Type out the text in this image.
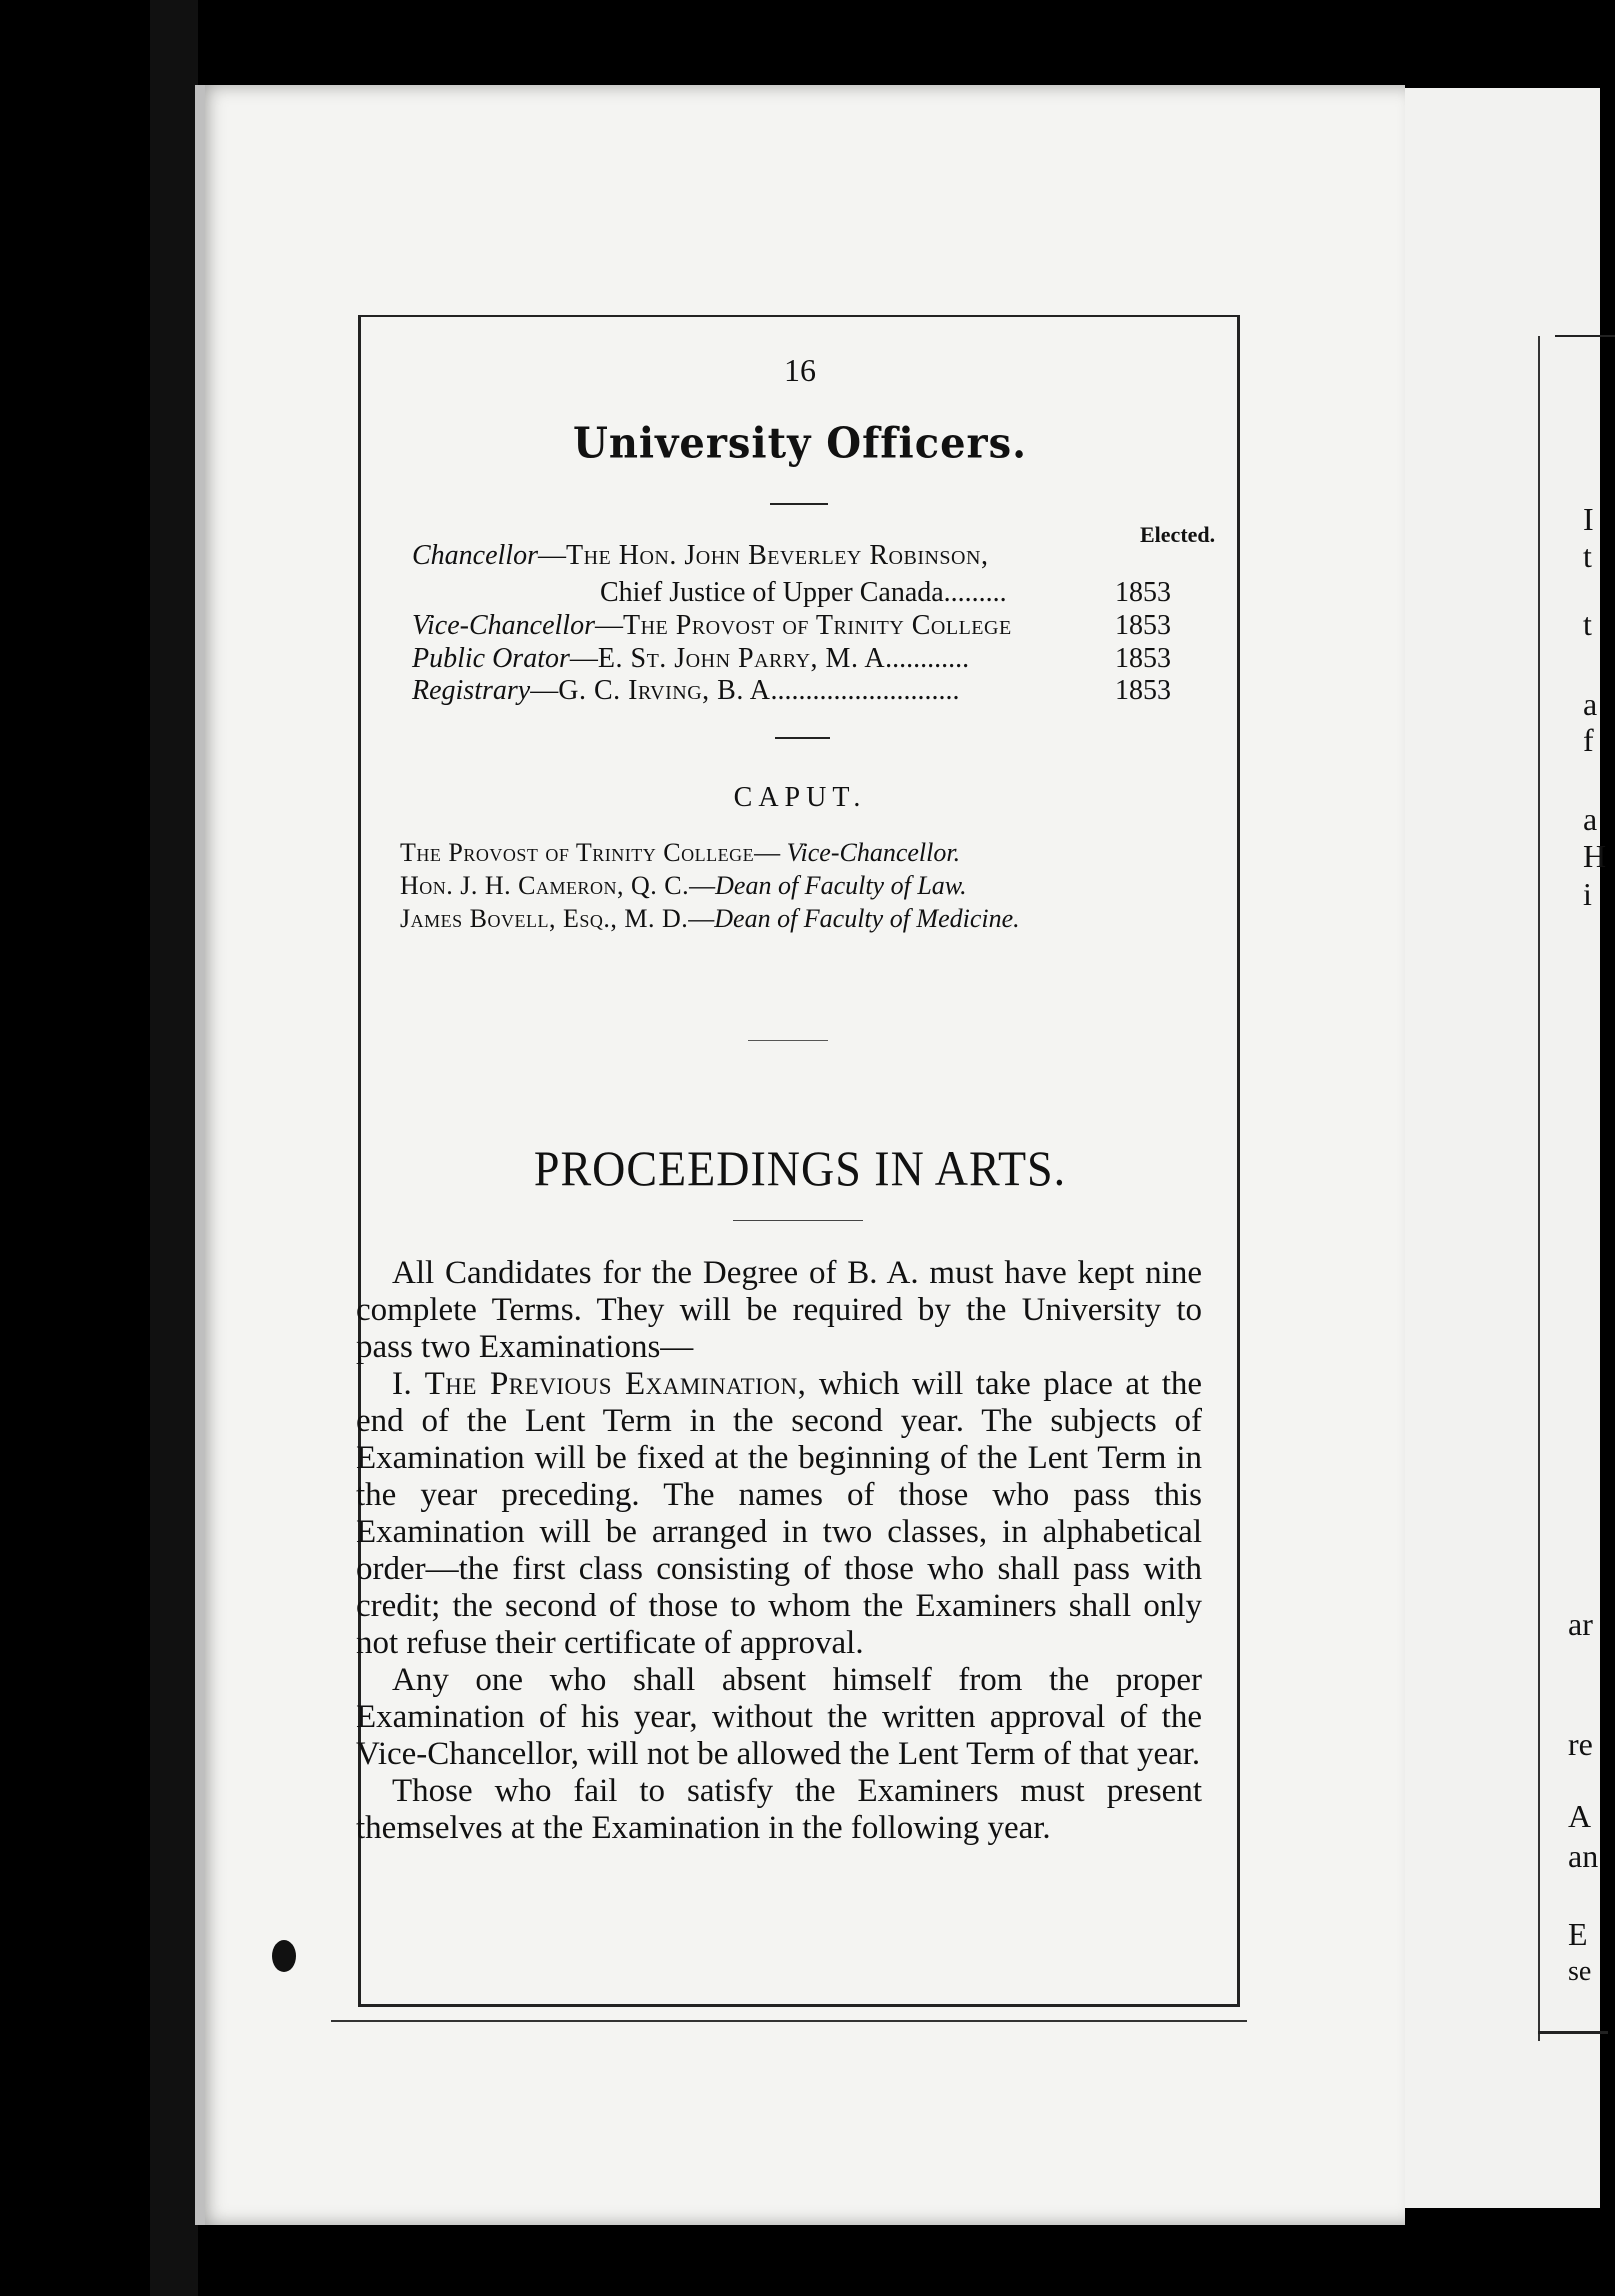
I
t
t
a
f
a
H
i
ar
re
A
an
E
se
16
University Officers.
Elected.
Chancellor—The Hon. John Beverley Robinson,
Chief Justice of Upper Canada.........	1853
Vice-Chancellor—The Provost of Trinity College	1853
Public Orator—E. St. John Parry, M. A............	1853
Registrary—G. C. Irving, B. A...........................	1853
CAPUT.
The Provost of Trinity College— Vice-Chancellor.
Hon. J. H. Cameron, Q. C.—Dean of Faculty of Law.
James Bovell, Esq., M. D.—Dean of Faculty of Medicine.
PROCEEDINGS IN ARTS.

All Candidates for the Degree of B. A. must have kept nine complete Terms. They will be required by the University to pass two Examinations—

I. The Previous Examination, which will take place at the end of the Lent Term in the second year. The subjects of Examination will be fixed at the beginning of the Lent Term in the year preceding. The names of those who pass this Examination will be arranged in two classes, in alphabetical order—the first class consisting of those who shall pass with credit; the second of those to whom the Examiners shall only not refuse their certificate of approval.

Any one who shall absent himself from the proper Examination of his year, without the written approval of the Vice-Chancellor, will not be allowed the Lent Term of that year.

Those who fail to satisfy the Examiners must present themselves at the Examination in the following year.
